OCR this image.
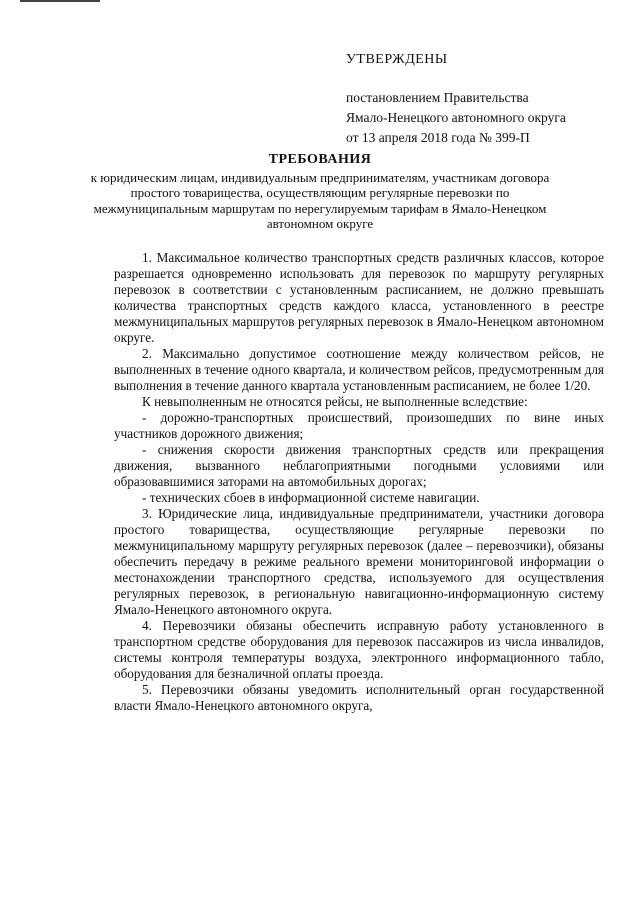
УТВЕРЖДЕНЫ
постановлением Правительства
Ямало-Ненецкого автономного округа
от 13 апреля 2018 года № 399-П
ТРЕБОВАНИЯ
к юридическим лицам, индивидуальным предпринимателям, участникам договора простого товарищества, осуществляющим регулярные перевозки по межмуниципальным маршрутам по нерегулируемым тарифам в Ямало-Ненецком автономном округе

1. Максимальное количество транспортных средств различных классов, которое разрешается одновременно использовать для перевозок по маршруту регулярных перевозок в соответствии с установленным расписанием, не должно превышать количества транспортных средств каждого класса, установленного в реестре межмуниципальных маршрутов регулярных перевозок в Ямало-Ненецком автономном округе.

2. Максимально допустимое соотношение между количеством рейсов, не выполненных в течение одного квартала, и количеством рейсов, предусмотренным для выполнения в течение данного квартала установленным расписанием, не более 1/20.

К невыполненным не относятся рейсы, не выполненные вследствие:

- дорожно-транспортных происшествий, произошедших по вине иных участников дорожного движения;

- снижения скорости движения транспортных средств или прекращения движения, вызванного неблагоприятными погодными условиями или образовавшимися заторами на автомобильных дорогах;

- технических сбоев в информационной системе навигации.

3. Юридические лица, индивидуальные предприниматели, участники договора простого товарищества, осуществляющие регулярные перевозки по межмуниципальному маршруту регулярных перевозок (далее – перевозчики), обязаны обеспечить передачу в режиме реального времени мониторинговой информации о местонахождении транспортного средства, используемого для осуществления регулярных перевозок, в региональную навигационно-информационную систему Ямало-Ненецкого автономного округа.

4. Перевозчики обязаны обеспечить исправную работу установленного в транспортном средстве оборудования для перевозок пассажиров из числа инвалидов, системы контроля температуры воздуха, электронного информационного табло, оборудования для безналичной оплаты проезда.

5. Перевозчики обязаны уведомить исполнительный орган государственной власти Ямало-Ненецкого автономного округа,
